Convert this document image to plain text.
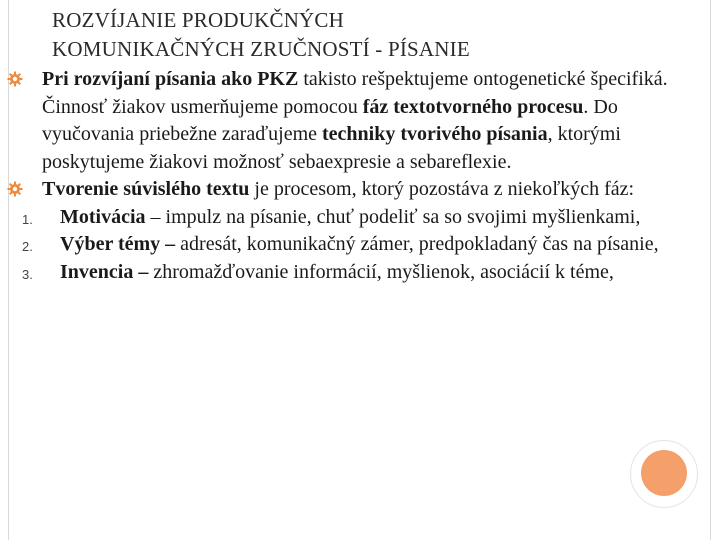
ROZVÍJANIE PRODUKČNÝCH
KOMUNIKAČNÝCH ZRUČNOSTÍ - PÍSANIE

Pri rozvíjaní písania ako PKZ takisto rešpektujeme ontogenetické špecifiká. Činnosť žiakov usmerňujeme pomocou fáz textotvorného procesu. Do vyučovania priebežne zaraďujeme techniky tvorivého písania, ktorými poskytujeme žiakovi možnosť sebaexpresie a sebareflexie.

Tvorenie súvislého textu je procesom, ktorý pozostáva z niekoľkých fáz:

1. Motivácia – impulz na písanie, chuť podeliť sa so svojimi myšlienkami,

2. Výber témy – adresát, komunikačný zámer, predpokladaný čas na písanie,

3. Invencia – zhromažďovanie informácií, myšlienok, asociácií k téme,
